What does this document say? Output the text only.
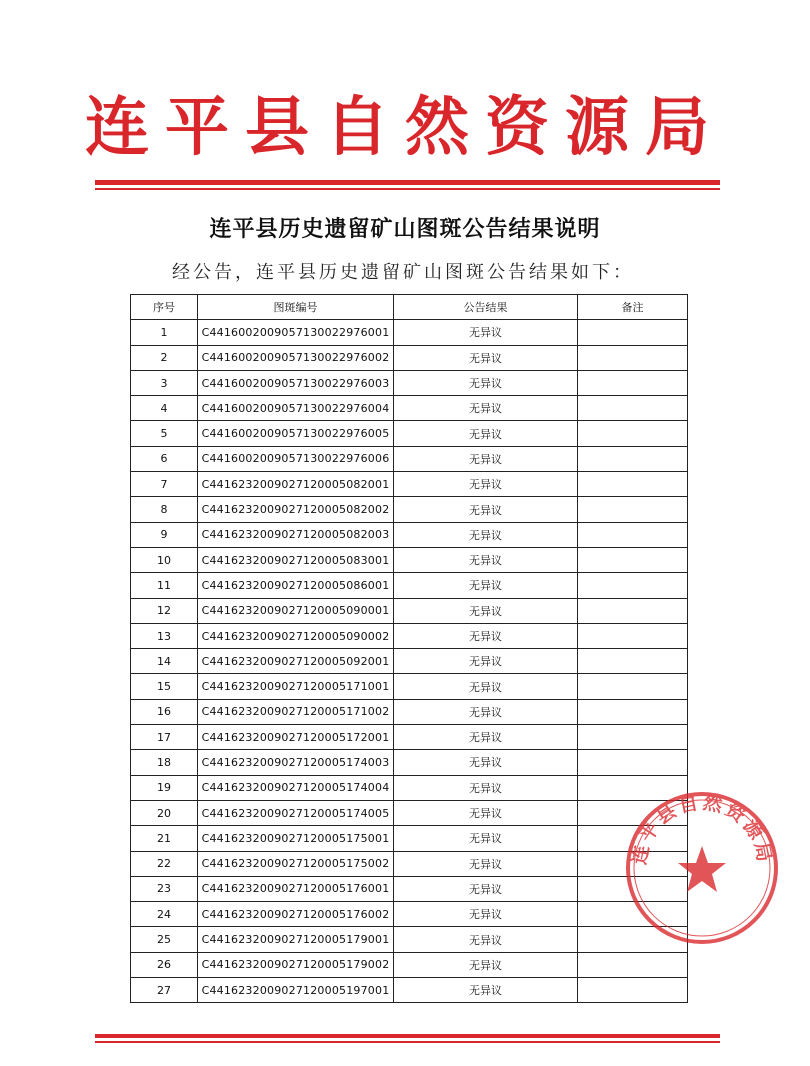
连平县自然资源局
连平县历史遗留矿山图斑公告结果说明
经公告，连平县历史遗留矿山图斑公告结果如下：
序号	图斑编号	公告结果	备注
1	C4416002009057130022976001	无异议	
2	C4416002009057130022976002	无异议	
3	C4416002009057130022976003	无异议	
4	C4416002009057130022976004	无异议	
5	C4416002009057130022976005	无异议	
6	C4416002009057130022976006	无异议	
7	C4416232009027120005082001	无异议	
8	C4416232009027120005082002	无异议	
9	C4416232009027120005082003	无异议	
10	C4416232009027120005083001	无异议	
11	C4416232009027120005086001	无异议	
12	C4416232009027120005090001	无异议	
13	C4416232009027120005090002	无异议	
14	C4416232009027120005092001	无异议	
15	C4416232009027120005171001	无异议	
16	C4416232009027120005171002	无异议	
17	C4416232009027120005172001	无异议	
18	C4416232009027120005174003	无异议	
19	C4416232009027120005174004	无异议	
20	C4416232009027120005174005	无异议	
21	C4416232009027120005175001	无异议	
22	C4416232009027120005175002	无异议	
23	C4416232009027120005176001	无异议	
24	C4416232009027120005176002	无异议	
25	C4416232009027120005179001	无异议	
26	C4416232009027120005179002	无异议	
27	C4416232009027120005197001	无异议	
连平县自然资源局
